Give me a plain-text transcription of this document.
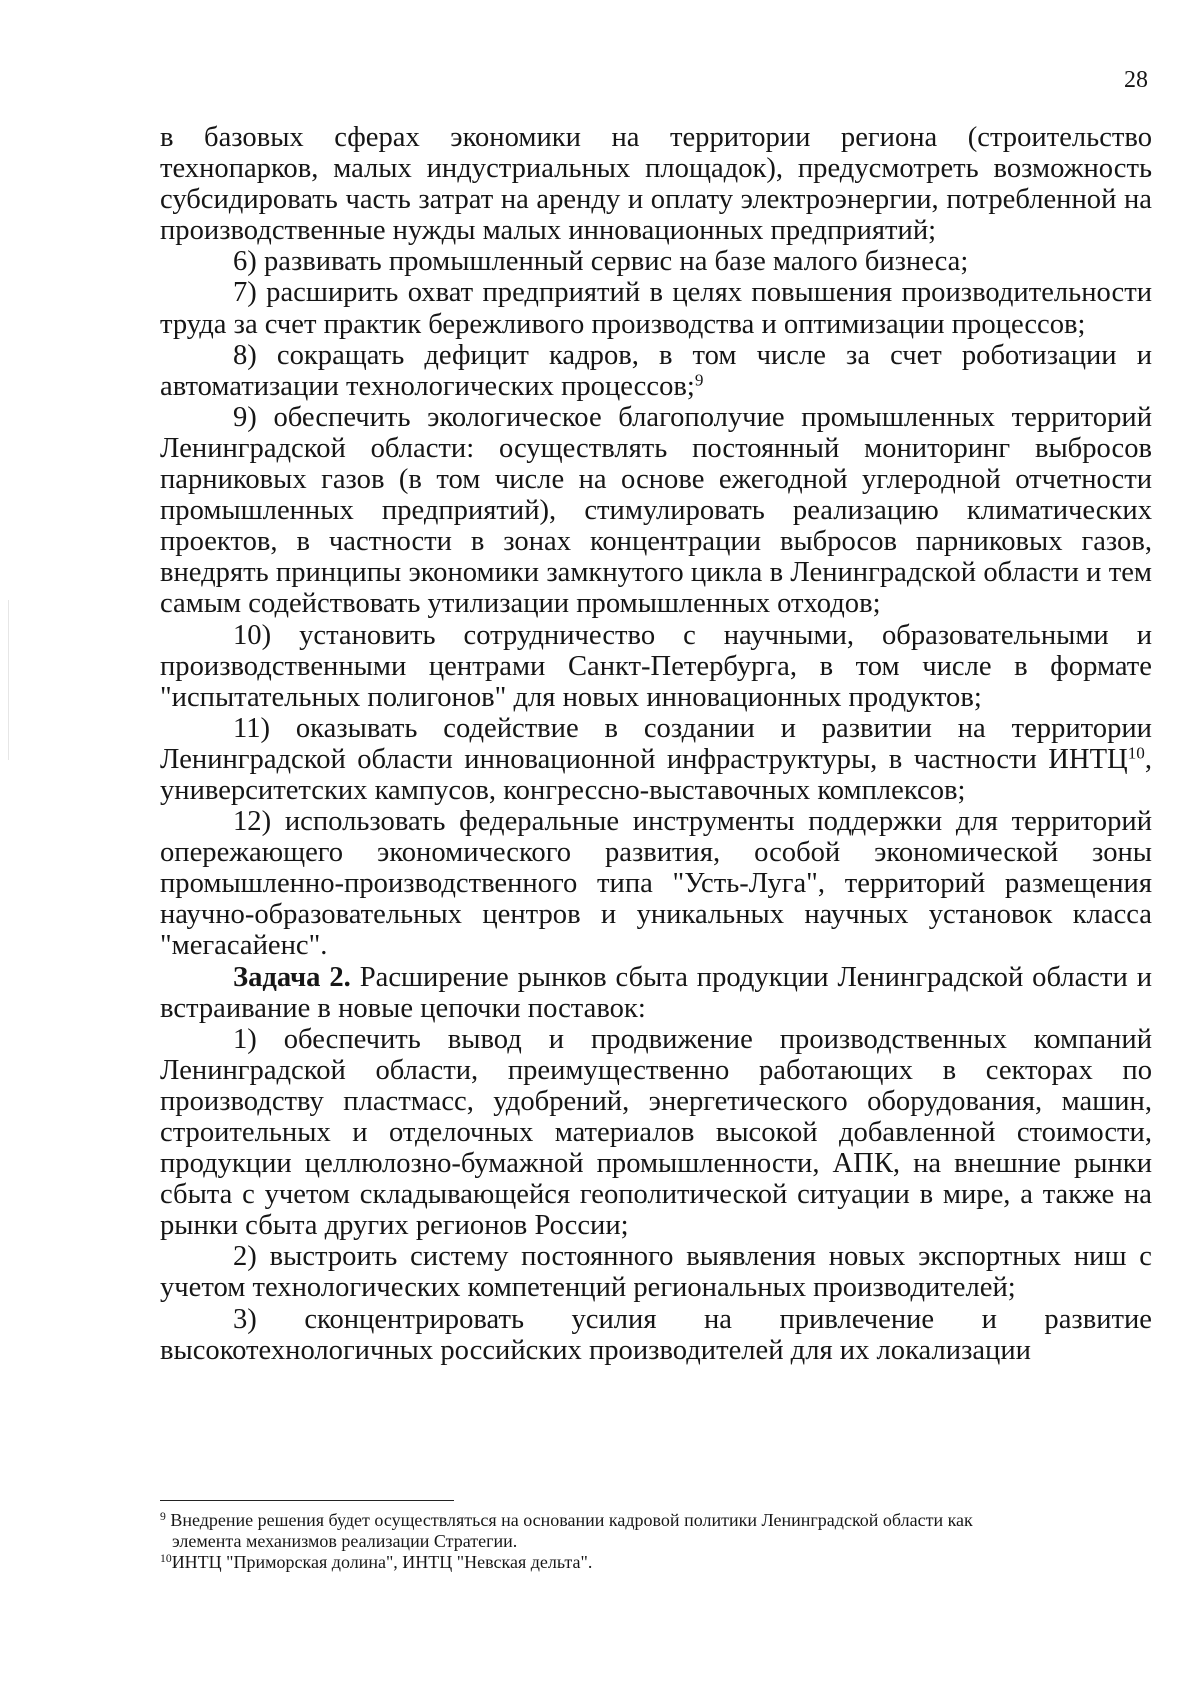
28

в базовых сферах экономики на территории региона (строительство технопарков, малых индустриальных площадок), предусмотреть возможность субсидировать часть затрат на аренду и оплату электроэнергии, потребленной на производственные нужды малых инновационных предприятий;

6) развивать промышленный сервис на базе малого бизнеса;

7) расширить охват предприятий в целях повышения производительности труда за счет практик бережливого производства и оптимизации процессов;

8) сокращать дефицит кадров, в том числе за счет роботизации и автоматизации технологических процессов;$^9$

9) обеспечить экологическое благополучие промышленных территорий Ленинградской области: осуществлять постоянный мониторинг выбросов парниковых газов (в том числе на основе ежегодной углеродной отчетности промышленных предприятий), стимулировать реализацию климатических проектов, в частности в зонах концентрации выбросов парниковых газов, внедрять принципы экономики замкнутого цикла в Ленинградской области и тем самым содействовать утилизации промышленных отходов;

10) установить сотрудничество с научными, образовательными и производственными центрами Санкт-Петербурга, в том числе в формате "испытательных полигонов" для новых инновационных продуктов;

11) оказывать содействие в создании и развитии на территории Ленинградской области инновационной инфраструктуры, в частности ИНТЦ$^{10}$, университетских кампусов, конгрессно-выставочных комплексов;

12) использовать федеральные инструменты поддержки для территорий опережающего экономического развития, особой экономической зоны промышленно-производственного типа "Усть-Луга", территорий размещения научно-образовательных центров и уникальных научных установок класса "мегасайенс".

Задача 2. Расширение рынков сбыта продукции Ленинградской области и встраивание в новые цепочки поставок:

1) обеспечить вывод и продвижение производственных компаний Ленинградской области, преимущественно работающих в секторах по производству пластмасс, удобрений, энергетического оборудования, машин, строительных и отделочных материалов высокой добавленной стоимости, продукции целлюлозно-бумажной промышленности, АПК, на внешние рынки сбыта с учетом складывающейся геополитической ситуации в мире, а также на рынки сбыта других регионов России;

2) выстроить систему постоянного выявления новых экспортных ниш с учетом технологических компетенций региональных производителей;

3) сконцентрировать усилия на привлечение и развитие высокотехнологичных российских производителей для их локализации

$^9$ Внедрение решения будет осуществляться на основании кадровой политики Ленинградской области как

элемента механизмов реализации Стратегии.

$^{10}$ИНТЦ "Приморская долина", ИНТЦ "Невская дельта".
